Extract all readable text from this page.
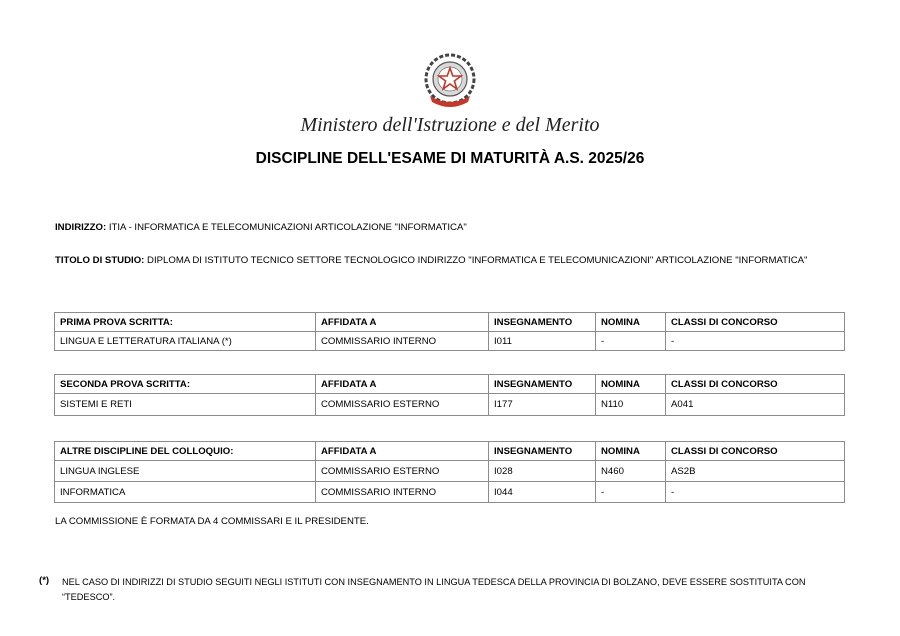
Ministero dell'Istruzione e del Merito
DISCIPLINE DELL'ESAME DI MATURITÀ A.S. 2025/26
INDIRIZZO: ITIA - INFORMATICA E TELECOMUNICAZIONI ARTICOLAZIONE "INFORMATICA"
TITOLO DI STUDIO: DIPLOMA DI ISTITUTO TECNICO SETTORE TECNOLOGICO INDIRIZZO "INFORMATICA E TELECOMUNICAZIONI" ARTICOLAZIONE "INFORMATICA"
PRIMA PROVA SCRITTA:	AFFIDATA A	INSEGNAMENTO	NOMINA	CLASSI DI CONCORSO
LINGUA E LETTERATURA ITALIANA (*)	COMMISSARIO INTERNO	I011	-	-
SECONDA PROVA SCRITTA:	AFFIDATA A	INSEGNAMENTO	NOMINA	CLASSI DI CONCORSO
SISTEMI E RETI	COMMISSARIO ESTERNO	I177	N110	A041
ALTRE DISCIPLINE DEL COLLOQUIO:	AFFIDATA A	INSEGNAMENTO	NOMINA	CLASSI DI CONCORSO
LINGUA INGLESE	COMMISSARIO ESTERNO	I028	N460	AS2B
INFORMATICA	COMMISSARIO INTERNO	I044	-	-
LA COMMISSIONE È FORMATA DA 4 COMMISSARI E IL PRESIDENTE.
(*) NEL CASO DI INDIRIZZI DI STUDIO SEGUITI NEGLI ISTITUTI CON INSEGNAMENTO IN LINGUA TEDESCA DELLA PROVINCIA DI BOLZANO, DEVE ESSERE SOSTITUITA CON “TEDESCO”.
